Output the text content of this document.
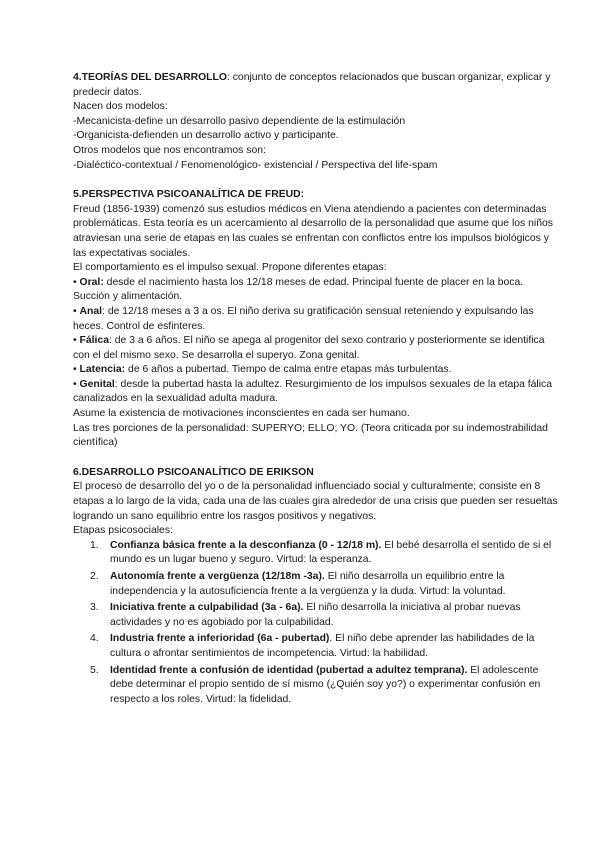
4.TEORÍAS DEL DESARROLLO: conjunto de conceptos relacionados que buscan organizar, explicar y predecir datos.

Nacen dos modelos:

-Mecanicista-define un desarrollo pasivo dependiente de la estimulación

-Organicista-defienden un desarrollo activo y participante.

Otros modelos que nos encontramos son:

-Dialéctico-contextual / Fenomenológico- existencial / Perspectiva del life-spam

5.PERSPECTIVA PSICOANALÍTICA DE FREUD:

Freud (1856-1939) comenzó sus estudios médicos en Viena atendiendo a pacientes con determinadas problemáticas. Esta teoría es un acercamiento al desarrollo de la personalidad que asume que los niños atraviesan una serie de etapas en las cuales se enfrentan con conflictos entre los impulsos biológicos y las expectativas sociales.

El comportamiento es el impulso sexual. Propone diferentes etapas:

• Oral: desde el nacimiento hasta los 12/18 meses de edad. Principal fuente de placer en la boca. Succión y alimentación.

• Anal: de 12/18 meses a 3 a os. El niño deriva su gratificación sensual reteniendo y expulsando las heces. Control de esfinteres.

• Fálica: de 3 a 6 años. El niño se apega al progenitor del sexo contrario y posteriormente se identifica con el del mismo sexo. Se desarrolla el superyo. Zona genital.

• Latencia: de 6 años a pubertad. Tiempo de calma entre etapas más turbulentas.

• Genital: desde la pubertad hasta la adultez. Resurgimiento de los impulsos sexuales de la etapa fálica canalizados en la sexualidad adulta madura.

Asume la existencia de motivaciones inconscientes en cada ser humano.

Las tres porciones de la personalidad: SUPERYO; ELLO; YO. (Teora criticada por su indemostrabilidad científica)

6.DESARROLLO PSICOANALÍTICO DE ERIKSON

El proceso de desarrollo del yo o de la personalidad influenciado social y culturalmente; consiste en 8 etapas a lo largo de la vida, cada una de las cuales gira alrededor de una crisis que pueden ser resueltas logrando un sano equilibrio entre los rasgos positivos y negativos.

Etapas psicosociales:

1. Confianza básica frente a la desconfianza (0 - 12/18 m). El bebé desarrolla el sentido de si el mundo es un lugar bueno y seguro. Virtud: la esperanza.
2. Autonomía frente a vergüenza (12/18m -3a). El niño desarrolla un equilibrio entre la independencia y la autosuficiencia frente a la vergüenza y la duda. Virtud: la voluntad.
3. Iniciativa frente a culpabilidad (3a - 6a). El niño desarrolla la iniciativa al probar nuevas actividades y no es agobiado por la culpabilidad.
4. Industria frente a inferioridad (6a - pubertad). El niño debe aprender las habilidades de la cultura o afrontar sentimientos de incompetencia. Virtud: la habilidad.
5. Identidad frente a confusión de identidad (pubertad a adultez temprana). El adolescente debe determinar el propio sentido de sí mismo (¿Quién soy yo?) o experimentar confusión en respecto a los roles. Virtud: la fidelidad.
